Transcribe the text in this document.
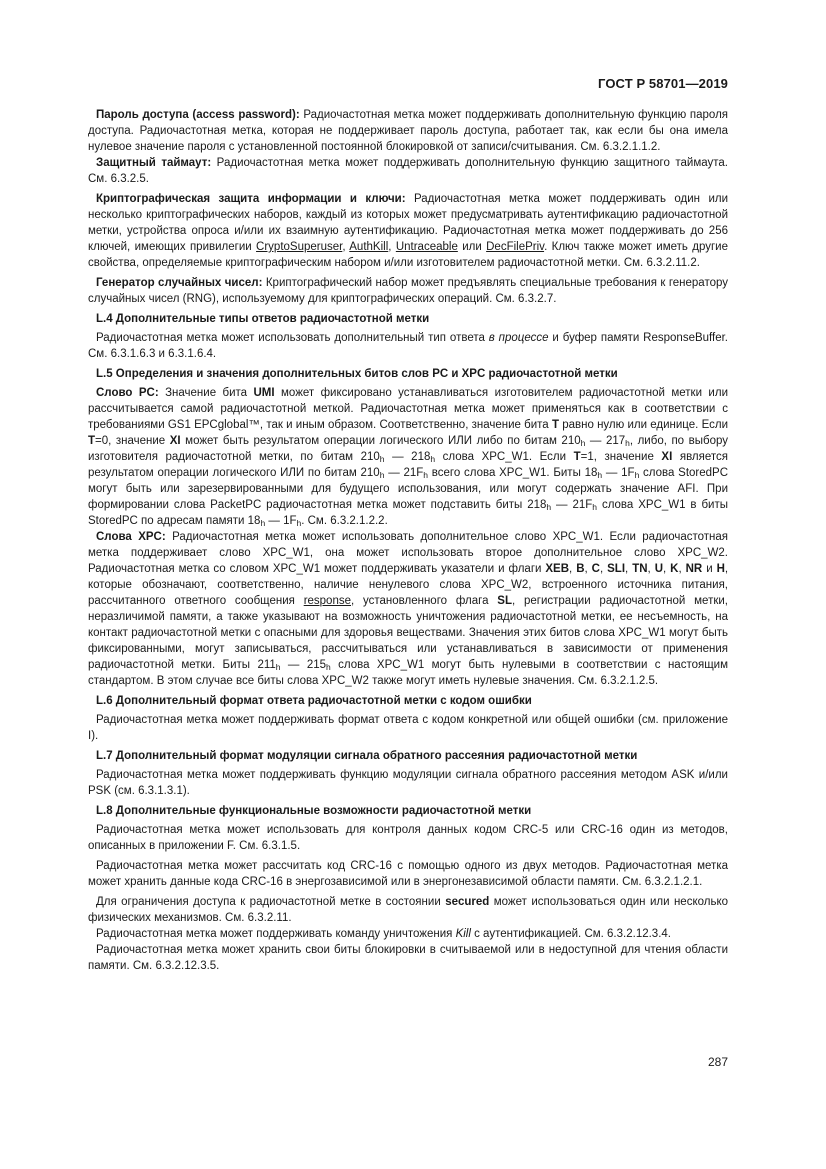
ГОСТ Р 58701—2019

Пароль доступа (access password): Радиочастотная метка может поддерживать дополнительную функцию пароля доступа. Радиочастотная метка, которая не поддерживает пароль доступа, работает так, как если бы она имела нулевое значение пароля с установленной постоянной блокировкой от записи/считывания. См. 6.3.2.1.1.2.

Защитный таймаут: Радиочастотная метка может поддерживать дополнительную функцию защитного таймаута. См. 6.3.2.5.

Криптографическая защита информации и ключи: Радиочастотная метка может поддерживать один или несколько криптографических наборов, каждый из которых может предусматривать аутентификацию радиочастотной метки, устройства опроса и/или их взаимную аутентификацию. Радиочастотная метка может поддерживать до 256 ключей, имеющих привилегии CryptoSuperuser, AuthKill, Untraceable или DecFilePriv. Ключ также может иметь другие свойства, определяемые криптографическим набором и/или изготовителем радиочастотной метки. См. 6.3.2.11.2.

Генератор случайных чисел: Криптографический набор может предъявлять специальные требования к генератору случайных чисел (RNG), используемому для криптографических операций. См. 6.3.2.7.

L.4 Дополнительные типы ответов радиочастотной метки

Радиочастотная метка может использовать дополнительный тип ответа в процессе и буфер памяти ResponseBuffer. См. 6.3.1.6.3 и 6.3.1.6.4.

L.5 Определения и значения дополнительных битов слов PC и XPC радиочастотной метки

Слово PC: Значение бита UMI может фиксировано устанавливаться изготовителем радиочастотной метки или рассчитывается самой радиочастотной меткой. Радиочастотная метка может применяться как в соответствии с требованиями GS1 EPCglobal™, так и иным образом. Соответственно, значение бита T равно нулю или единице. Если T=0, значение XI может быть результатом операции логического ИЛИ либо по битам $210_h$ — $217_h$, либо, по выбору изготовителя радиочастотной метки, по битам $210_h$ — $218_h$ слова XPC_W1. Если T=1, значение XI является результатом операции логического ИЛИ по битам $210_h$ — $21F_h$ всего слова XPC_W1. Биты $18_h$ — $1F_h$ слова StoredPC могут быть или зарезервированными для будущего использования, или могут содержать значение AFI. При формировании слова PacketPC радиочастотная метка может подставить биты $218_h$ — $21F_h$ слова XPC_W1 в биты StoredPC по адресам памяти $18_h$ — $1F_h$. См. 6.3.2.1.2.2.

Слова XPC: Радиочастотная метка может использовать дополнительное слово XPC_W1. Если радиочастотная метка поддерживает слово XPC_W1, она может использовать второе дополнительное слово XPC_W2. Радиочастотная метка со словом XPC_W1 может поддерживать указатели и флаги XEB, B, C, SLI, TN, U, K, NR и H, которые обозначают, соответственно, наличие ненулевого слова XPC_W2, встроенного источника питания, рассчитанного ответного сообщения response, установленного флага SL, регистрации радиочастотной метки, неразличимой памяти, а также указывают на возможность уничтожения радиочастотной метки, ее несъемность, на контакт радиочастотной метки с опасными для здоровья веществами. Значения этих битов слова XPC_W1 могут быть фиксированными, могут записываться, рассчитываться или устанавливаться в зависимости от применения радиочастотной метки. Биты $211_h$ — $215_h$ слова XPC_W1 могут быть нулевыми в соответствии с настоящим стандартом. В этом случае все биты слова XPC_W2 также могут иметь нулевые значения. См. 6.3.2.1.2.5.

L.6 Дополнительный формат ответа радиочастотной метки с кодом ошибки

Радиочастотная метка может поддерживать формат ответа с кодом конкретной или общей ошибки (см. приложение I).

L.7 Дополнительный формат модуляции сигнала обратного рассеяния радиочастотной метки

Радиочастотная метка может поддерживать функцию модуляции сигнала обратного рассеяния методом ASK и/или PSK (см. 6.3.1.3.1).

L.8 Дополнительные функциональные возможности радиочастотной метки

Радиочастотная метка может использовать для контроля данных кодом CRC-5 или CRC-16 один из методов, описанных в приложении F. См. 6.3.1.5.

Радиочастотная метка может рассчитать код CRC-16 с помощью одного из двух методов. Радиочастотная метка может хранить данные кода CRC-16 в энергозависимой или в энергонезависимой области памяти. См. 6.3.2.1.2.1.

Для ограничения доступа к радиочастотной метке в состоянии secured может использоваться один или несколько физических механизмов. См. 6.3.2.11.

Радиочастотная метка может поддерживать команду уничтожения Kill с аутентификацией. См. 6.3.2.12.3.4.

Радиочастотная метка может хранить свои биты блокировки в считываемой или в недоступной для чтения области памяти. См. 6.3.2.12.3.5.

287
